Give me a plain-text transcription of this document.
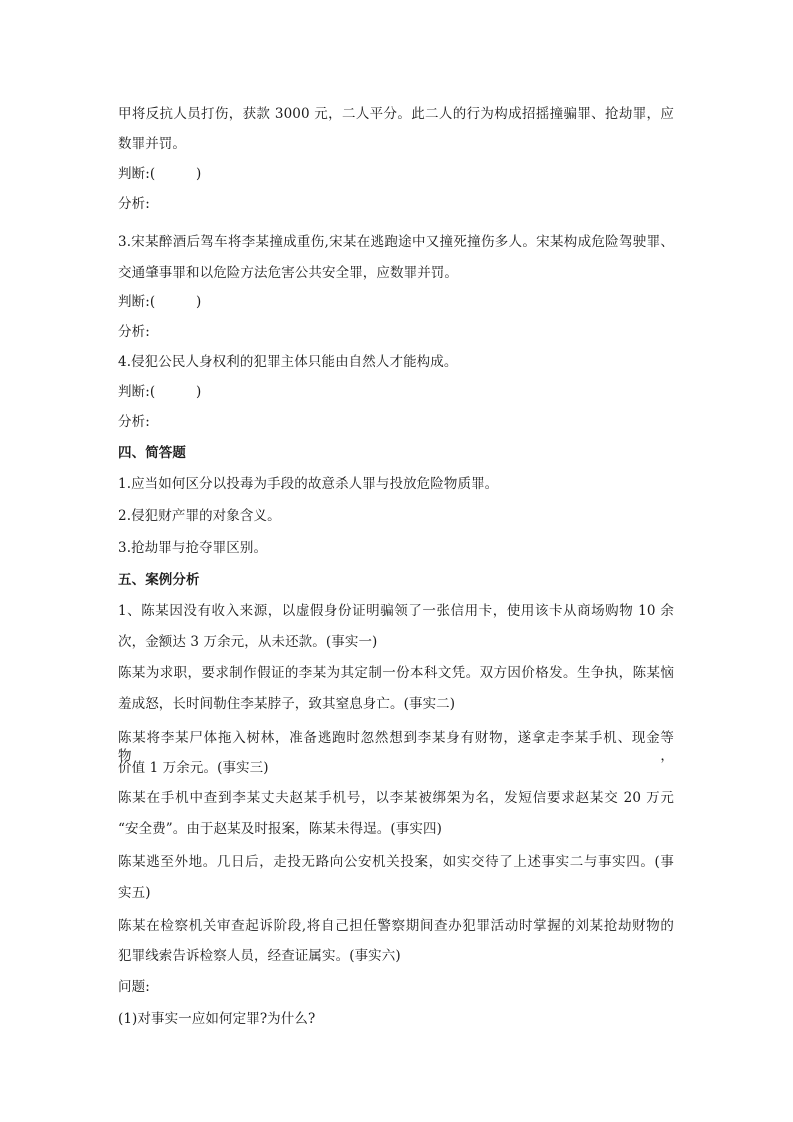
甲将反抗人员打伤，获款 3000 元，二人平分。此二人的行为构成招摇撞骗罪、抢劫罪，应
数罪并罚。
判断:(　　　)
分析:
3.宋某醉酒后驾车将李某撞成重伤,宋某在逃跑途中又撞死撞伤多人。宋某构成危险驾驶罪、
交通肇事罪和以危险方法危害公共安全罪，应数罪并罚。
判断:(　　　)
分析:
4.侵犯公民人身权利的犯罪主体只能由自然人才能构成。
判断:(　　　)
分析:
四、简答题
1.应当如何区分以投毒为手段的故意杀人罪与投放危险物质罪。
2.侵犯财产罪的对象含义。
3.抢劫罪与抢夺罪区别。
五、案例分析
1、陈某因没有收入来源，以虚假身份证明骗领了一张信用卡，使用该卡从商场购物 10 余
次，金额达 3 万余元，从未还款。(事实一)
陈某为求职，要求制作假证的李某为其定制一份本科文凭。双方因价格发。生争执，陈某恼
羞成怒，长时间勒住李某脖子，致其窒息身亡。(事实二)
陈某将李某尸体拖入树林，准备逃跑时忽然想到李某身有财物，遂拿走李某手机、现金等物，
价值 1 万余元。(事实三)
陈某在手机中查到李某丈夫赵某手机号，以李某被绑架为名，发短信要求赵某交 20 万元
“安全费”。由于赵某及时报案，陈某未得逞。(事实四)
陈某逃至外地。几日后，走投无路向公安机关投案，如实交待了上述事实二与事实四。(事
实五)
陈某在检察机关审查起诉阶段,将自己担任警察期间查办犯罪活动时掌握的刘某抢劫财物的
犯罪线索告诉检察人员，经查证属实。(事实六)
问题:
(1)对事实一应如何定罪?为什么?
